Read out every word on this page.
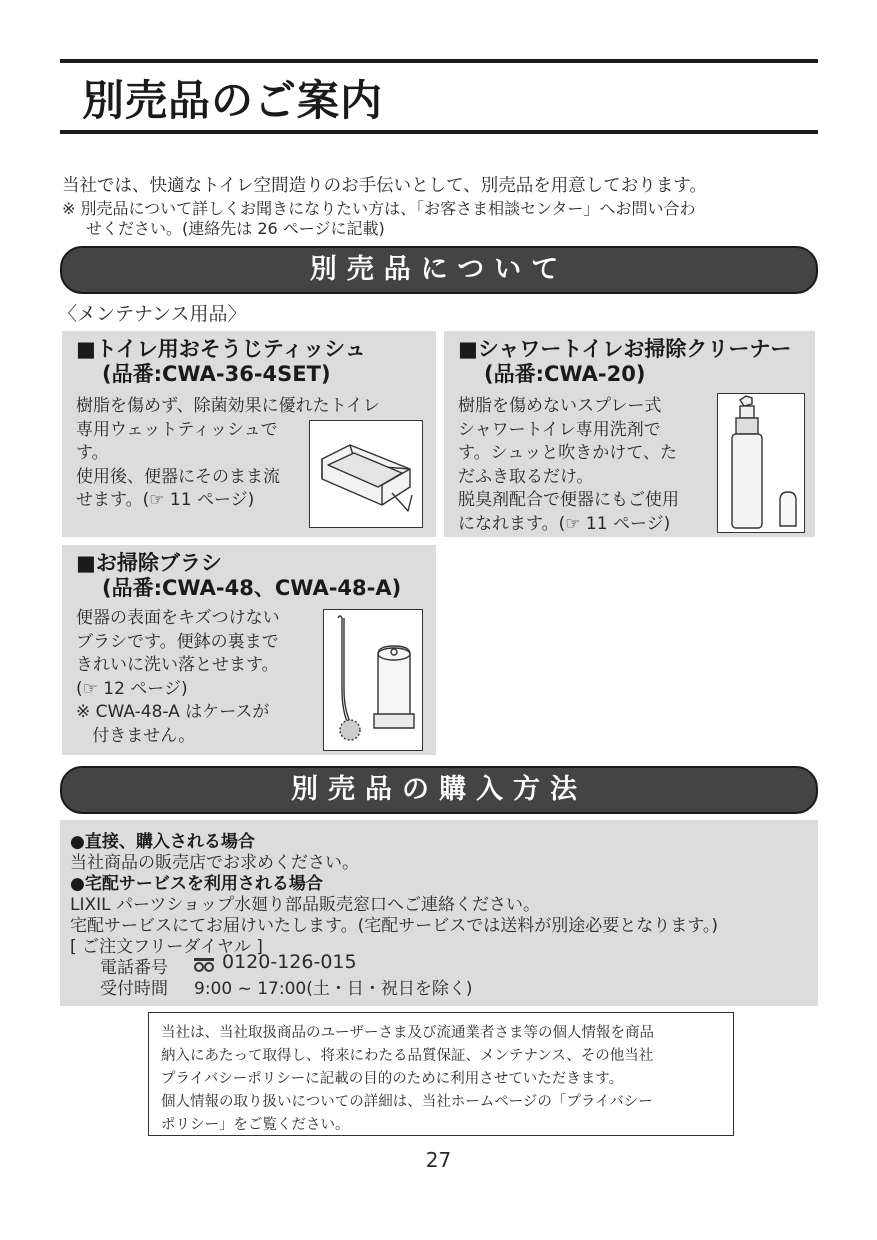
別売品のご案内
当社では、快適なトイレ空間造りのお手伝いとして、別売品を用意しております。
※ 別売品について詳しくお聞きになりたい方は、「お客さま相談センター」へお問い合わ
せください。(連絡先は 26 ページに記載)
別売品について
〈メンテナンス用品〉
■トイレ用おそうじティッシュ
(品番:CWA-36-4SET)
樹脂を傷めず、除菌効果に優れたトイレ
専用ウェットティッシュで
す。
使用後、便器にそのまま流
せます。(☞ 11 ページ)
■シャワートイレお掃除クリーナー
(品番:CWA-20)
樹脂を傷めないスプレー式
シャワートイレ専用洗剤で
す。シュッと吹きかけて、た
だふき取るだけ。
脱臭剤配合で便器にもご使用
になれます。(☞ 11 ページ)
■お掃除ブラシ
(品番:CWA-48、CWA-48-A)
便器の表面をキズつけない
ブラシです。便鉢の裏まで
きれいに洗い落とせます。
(☞ 12 ページ)
※ CWA-48-A はケースが
付きません。
別売品の購入方法
●直接、購入される場合
当社商品の販売店でお求めください。
●宅配サービスを利用される場合
LIXIL パーツショップ水廻り部品販売窓口へご連絡ください。
宅配サービスにてお届けいたします。(宅配サービスでは送料が別途必要となります。)
[ ご注文フリーダイヤル ]
電話番号	0120-126-015
受付時間 9:00 ~ 17:00(土・日・祝日を除く)
当社は、当社取扱商品のユーザーさま及び流通業者さま等の個人情報を商品
納入にあたって取得し、将来にわたる品質保証、メンテナンス、その他当社
プライバシーポリシーに記載の目的のために利用させていただきます。
個人情報の取り扱いについての詳細は、当社ホームページの「プライバシー
ポリシー」をご覧ください。
27
